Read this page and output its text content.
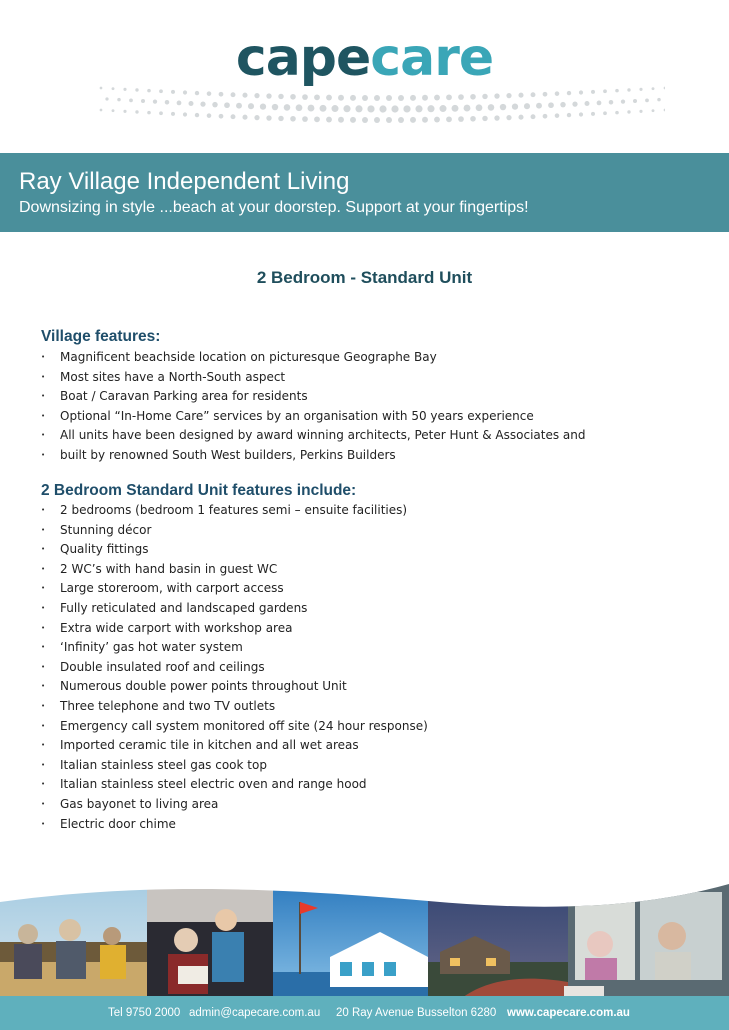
capecare
Ray Village Independent Living
Downsizing in style ...beach at your doorstep. Support at your fingertips!
2 Bedroom - Standard Unit
Village features:
• Magnificent beachside location on picturesque Geographe Bay
• Most sites have a North-South aspect
• Boat / Caravan Parking area for residents
• Optional “In-Home Care” services by an organisation with 50 years experience
• All units have been designed by award winning architects, Peter Hunt & Associates and
• built by renowned South West builders, Perkins Builders
2 Bedroom Standard Unit features include:
• 2 bedrooms (bedroom 1 features semi – ensuite facilities)
• Stunning décor
• Quality fittings
• 2 WC’s with hand basin in guest WC
• Large storeroom, with carport access
• Fully reticulated and landscaped gardens
• Extra wide carport with workshop area
• ‘Infinity’ gas hot water system
• Double insulated roof and ceilings
• Numerous double power points throughout Unit
• Three telephone and two TV outlets
• Emergency call system monitored off site (24 hour response)
• Imported ceramic tile in kitchen and all wet areas
• Italian stainless steel gas cook top
• Italian stainless steel electric oven and range hood
• Gas bayonet to living area
• Electric door chime
Tel 9750 2000 admin@capecare.com.au 20 Ray Avenue Busselton 6280 www.capecare.com.au
